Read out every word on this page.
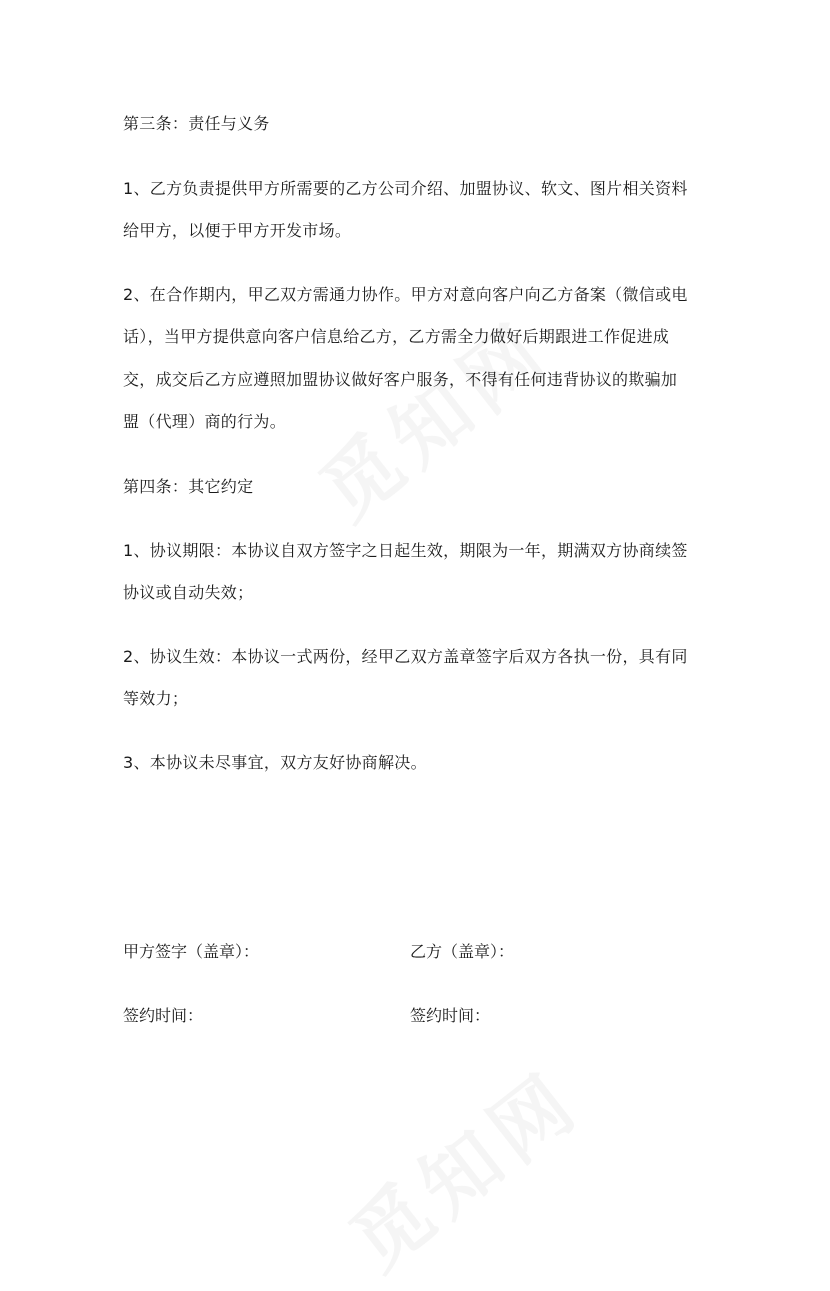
第三条：责任与义务
1、乙方负责提供甲方所需要的乙方公司介绍、加盟协议、软文、图片相关资料
给甲方，以便于甲方开发市场。
2、在合作期内，甲乙双方需通力协作。甲方对意向客户向乙方备案（微信或电
话），当甲方提供意向客户信息给乙方，乙方需全力做好后期跟进工作促进成
交，成交后乙方应遵照加盟协议做好客户服务，不得有任何违背协议的欺骗加
盟（代理）商的行为。
第四条：其它约定
1、协议期限：本协议自双方签字之日起生效，期限为一年，期满双方协商续签
协议或自动失效；
2、协议生效：本协议一式两份，经甲乙双方盖章签字后双方各执一份，具有同
等效力；
3、本协议未尽事宜，双方友好协商解决。
甲方签字（盖章）：	乙方（盖章）：
签约时间：	签约时间：
